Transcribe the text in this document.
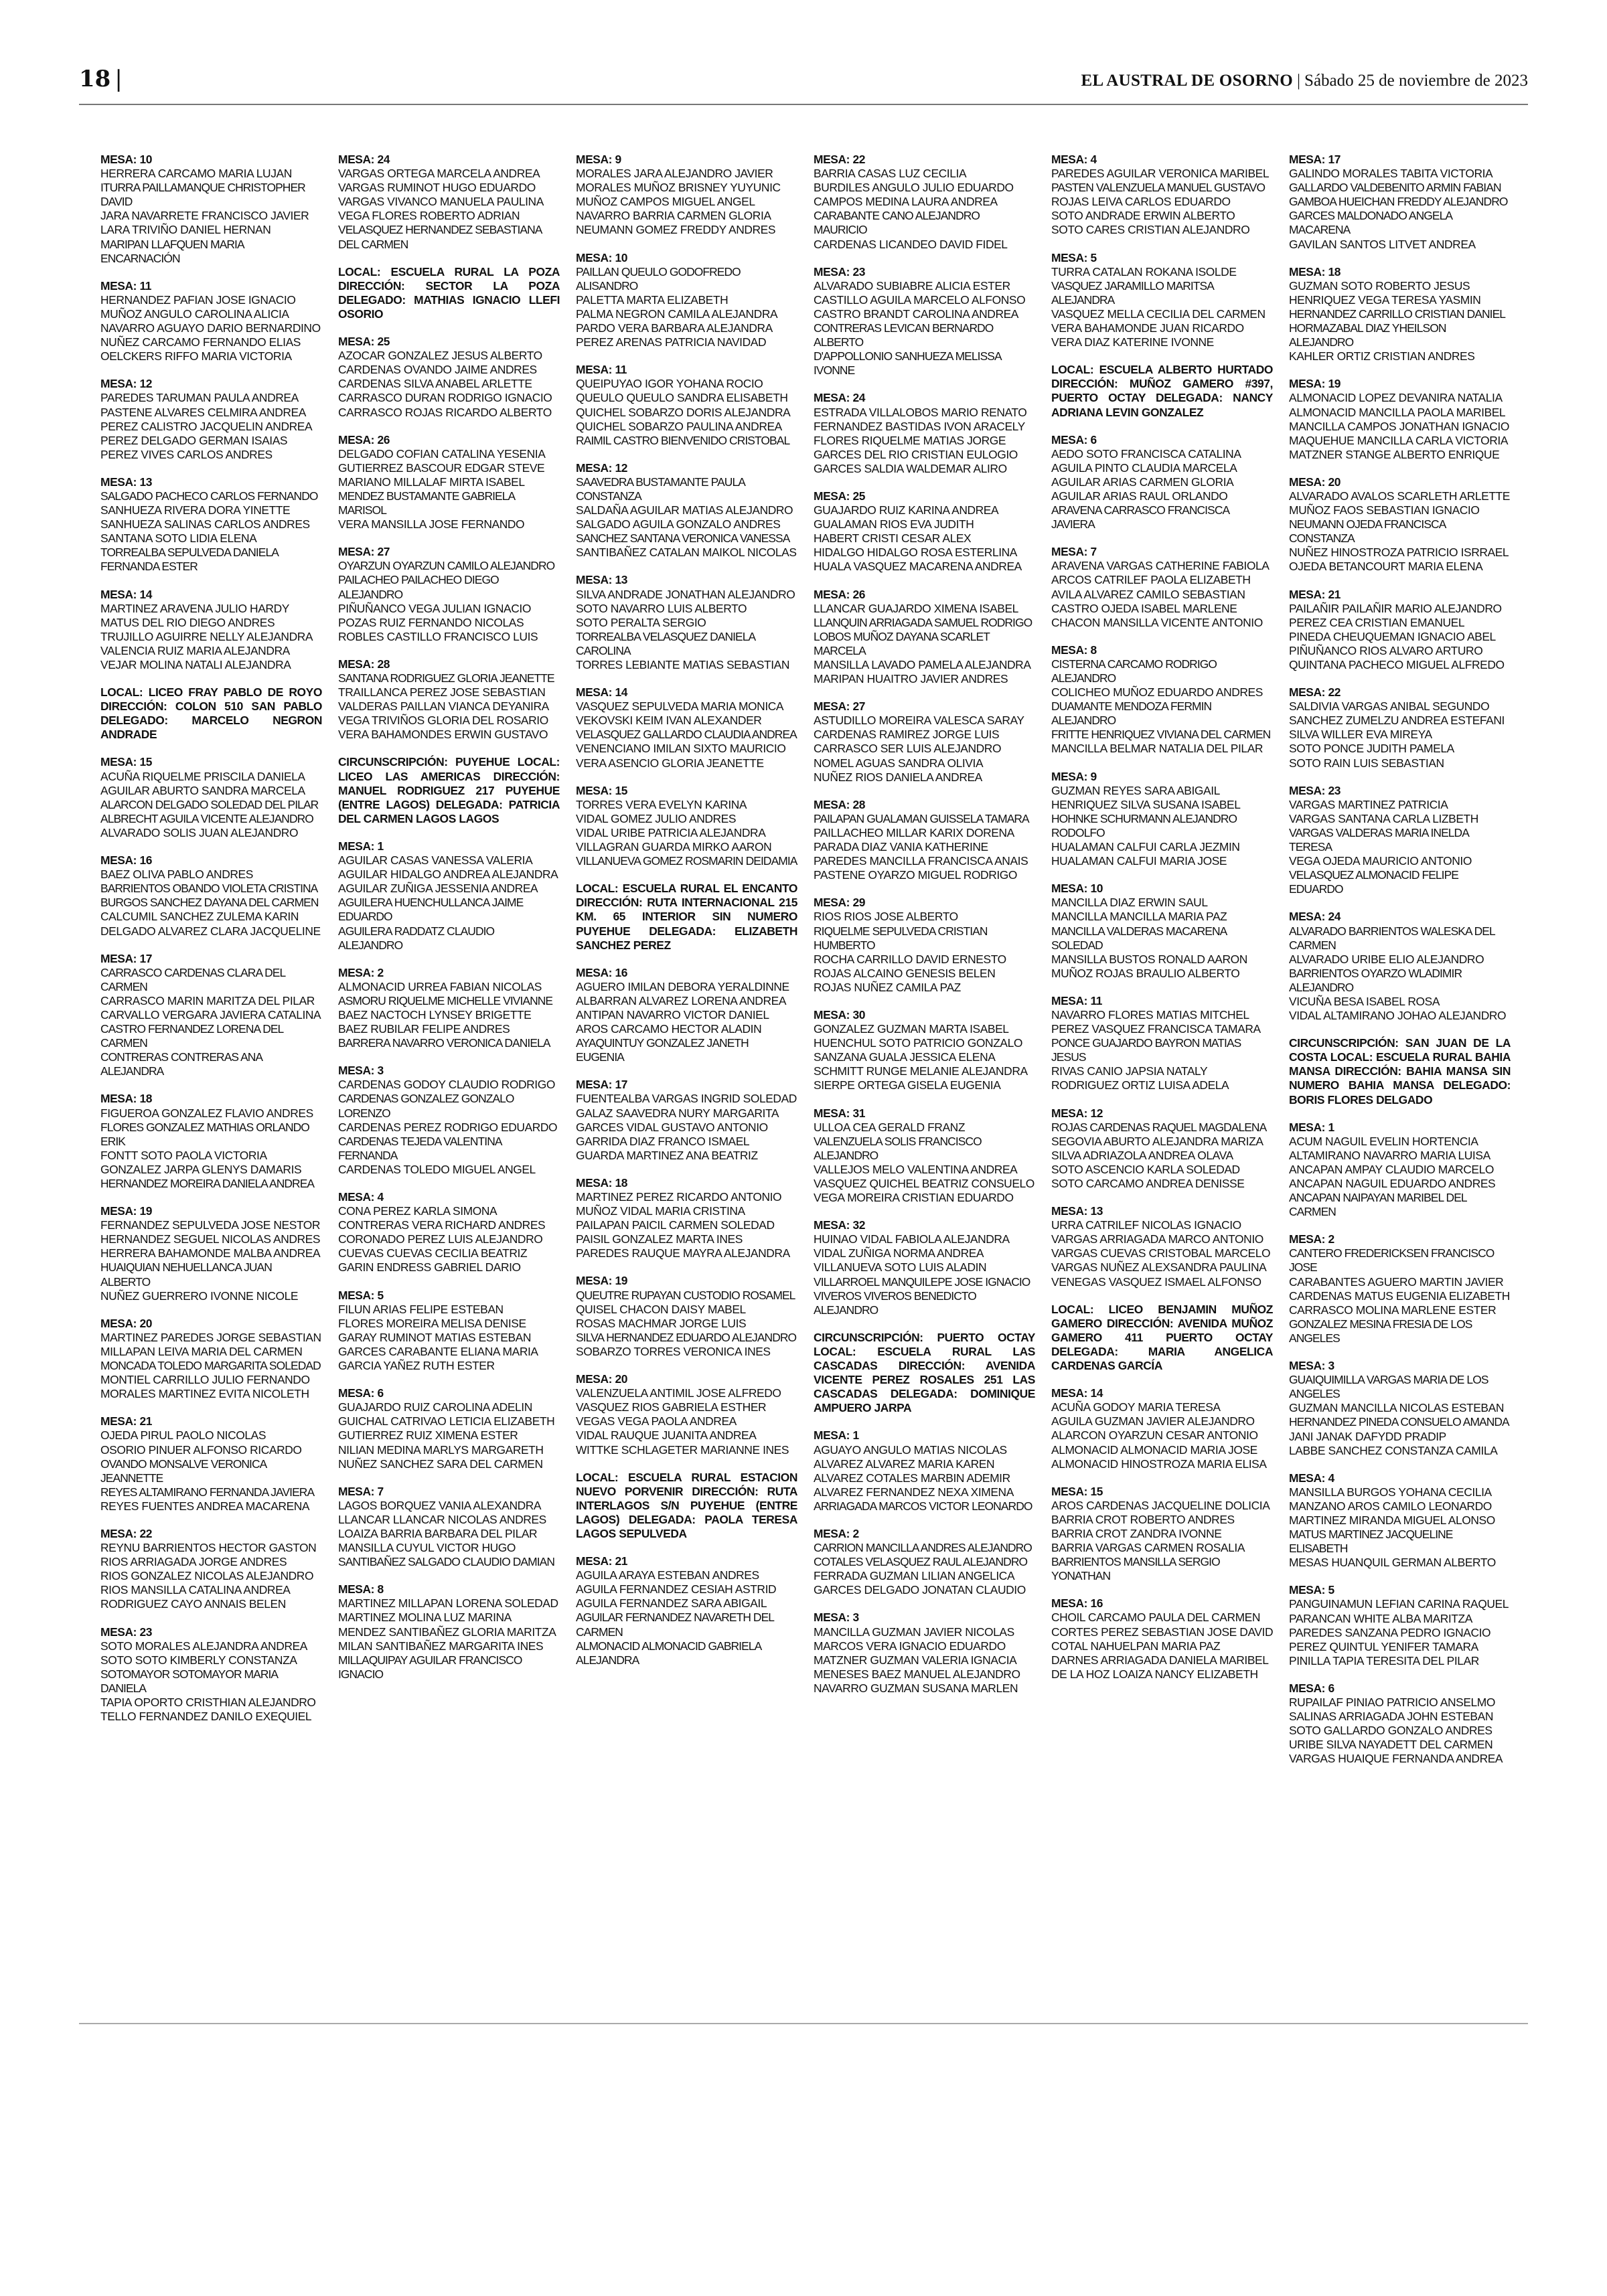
18 |	EL AUSTRAL DE OSORNO | Sábado 25 de noviembre de 2023
MESA: 10
HERRERA CARCAMO MARIA LUJAN
ITURRA PAILLAMANQUE CHRISTOPHER DAVID
JARA NAVARRETE FRANCISCO JAVIER
LARA TRIVIÑO DANIEL HERNAN
MARIPAN LLAFQUEN MARIA ENCARNACIÓN
MESA: 11
HERNANDEZ PAFIAN JOSE IGNACIO
MUÑOZ ANGULO CAROLINA ALICIA
NAVARRO AGUAYO DARIO BERNARDINO
NUÑEZ CARCAMO FERNANDO ELIAS
OELCKERS RIFFO MARIA VICTORIA
MESA: 12
PAREDES TARUMAN PAULA ANDREA
PASTENE ALVARES CELMIRA ANDREA
PEREZ CALISTRO JACQUELIN ANDREA
PEREZ DELGADO GERMAN ISAIAS
PEREZ VIVES CARLOS ANDRES
MESA: 13
SALGADO PACHECO CARLOS FERNANDO
SANHUEZA RIVERA DORA YINETTE
SANHUEZA SALINAS CARLOS ANDRES
SANTANA SOTO LIDIA ELENA
TORREALBA SEPULVEDA DANIELA FERNANDA ESTER
MESA: 14
MARTINEZ ARAVENA JULIO HARDY
MATUS DEL RIO DIEGO ANDRES
TRUJILLO AGUIRRE NELLY ALEJANDRA
VALENCIA RUIZ MARIA ALEJANDRA
VEJAR MOLINA NATALI ALEJANDRA
LOCAL: LICEO FRAY PABLO DE ROYO DIRECCIÓN: COLON 510 SAN PABLO DELEGADO: MARCELO NEGRON ANDRADE
MESA: 15
ACUÑA RIQUELME PRISCILA DANIELA
AGUILAR ABURTO SANDRA MARCELA
ALARCON DELGADO SOLEDAD DEL PILAR
ALBRECHT AGUILA VICENTE ALEJANDRO
ALVARADO SOLIS JUAN ALEJANDRO
MESA: 16
BAEZ OLIVA PABLO ANDRES
BARRIENTOS OBANDO VIOLETA CRISTINA
BURGOS SANCHEZ DAYANA DEL CARMEN
CALCUMIL SANCHEZ ZULEMA KARIN
DELGADO ALVAREZ CLARA JACQUELINE
MESA: 17
CARRASCO CARDENAS CLARA DEL CARMEN
CARRASCO MARIN MARITZA DEL PILAR
CARVALLO VERGARA JAVIERA CATALINA
CASTRO FERNANDEZ LORENA DEL CARMEN
CONTRERAS CONTRERAS ANA ALEJANDRA
MESA: 18
FIGUEROA GONZALEZ FLAVIO ANDRES
FLORES GONZALEZ MATHIAS ORLANDO ERIK
FONTT SOTO PAOLA VICTORIA
GONZALEZ JARPA GLENYS DAMARIS
HERNANDEZ MOREIRA DANIELA ANDREA
MESA: 19
FERNANDEZ SEPULVEDA JOSE NESTOR
HERNANDEZ SEGUEL NICOLAS ANDRES
HERRERA BAHAMONDE MALBA ANDREA
HUAIQUIAN NEHUELLANCA JUAN ALBERTO
NUÑEZ GUERRERO IVONNE NICOLE
MESA: 20
MARTINEZ PAREDES JORGE SEBASTIAN
MILLAPAN LEIVA MARIA DEL CARMEN
MONCADA TOLEDO MARGARITA SOLEDAD
MONTIEL CARRILLO JULIO FERNANDO
MORALES MARTINEZ EVITA NICOLETH
MESA: 21
OJEDA PIRUL PAOLO NICOLAS
OSORIO PINUER ALFONSO RICARDO
OVANDO MONSALVE VERONICA JEANNETTE
REYES ALTAMIRANO FERNANDA JAVIERA
REYES FUENTES ANDREA MACARENA
MESA: 22
REYNU BARRIENTOS HECTOR GASTON
RIOS ARRIAGADA JORGE ANDRES
RIOS GONZALEZ NICOLAS ALEJANDRO
RIOS MANSILLA CATALINA ANDREA
RODRIGUEZ CAYO ANNAIS BELEN
MESA: 23
SOTO MORALES ALEJANDRA ANDREA
SOTO SOTO KIMBERLY CONSTANZA
SOTOMAYOR SOTOMAYOR MARIA DANIELA
TAPIA OPORTO CRISTHIAN ALEJANDRO
TELLO FERNANDEZ DANILO EXEQUIEL
MESA: 24
VARGAS ORTEGA MARCELA ANDREA
VARGAS RUMINOT HUGO EDUARDO
VARGAS VIVANCO MANUELA PAULINA
VEGA FLORES ROBERTO ADRIAN
VELASQUEZ HERNANDEZ SEBASTIANA DEL CARMEN
LOCAL: ESCUELA RURAL LA POZA DIRECCIÓN: SECTOR LA POZA DELEGADO: MATHIAS IGNACIO LLEFI OSORIO
MESA: 25
AZOCAR GONZALEZ JESUS ALBERTO
CARDENAS OVANDO JAIME ANDRES
CARDENAS SILVA ANABEL ARLETTE
CARRASCO DURAN RODRIGO IGNACIO
CARRASCO ROJAS RICARDO ALBERTO
MESA: 26
DELGADO COFIAN CATALINA YESENIA
GUTIERREZ BASCOUR EDGAR STEVE
MARIANO MILLALAF MIRTA ISABEL
MENDEZ BUSTAMANTE GABRIELA MARISOL
VERA MANSILLA JOSE FERNANDO
MESA: 27
OYARZUN OYARZUN CAMILO ALEJANDRO
PAILACHEO PAILACHEO DIEGO ALEJANDRO
PIÑUÑANCO VEGA JULIAN IGNACIO
POZAS RUIZ FERNANDO NICOLAS
ROBLES CASTILLO FRANCISCO LUIS
MESA: 28
SANTANA RODRIGUEZ GLORIA JEANETTE
TRAILLANCA PEREZ JOSE SEBASTIAN
VALDERAS PAILLAN VIANCA DEYANIRA
VEGA TRIVIÑOS GLORIA DEL ROSARIO
VERA BAHAMONDES ERWIN GUSTAVO
CIRCUNSCRIPCIÓN: PUYEHUE LOCAL: LICEO LAS AMERICAS DIRECCIÓN: MANUEL RODRIGUEZ 217 PUYEHUE (ENTRE LAGOS) DELEGADA: PATRICIA DEL CARMEN LAGOS LAGOS
MESA: 1
AGUILAR CASAS VANESSA VALERIA
AGUILAR HIDALGO ANDREA ALEJANDRA
AGUILAR ZUÑIGA JESSENIA ANDREA
AGUILERA HUENCHULLANCA JAIME EDUARDO
AGUILERA RADDATZ CLAUDIO ALEJANDRO
MESA: 2
ALMONACID URREA FABIAN NICOLAS
ASMORU RIQUELME MICHELLE VIVIANNE
BAEZ NACTOCH LYNSEY BRIGETTE
BAEZ RUBILAR FELIPE ANDRES
BARRERA NAVARRO VERONICA DANIELA
MESA: 3
CARDENAS GODOY CLAUDIO RODRIGO
CARDENAS GONZALEZ GONZALO LORENZO
CARDENAS PEREZ RODRIGO EDUARDO
CARDENAS TEJEDA VALENTINA FERNANDA
CARDENAS TOLEDO MIGUEL ANGEL
MESA: 4
CONA PEREZ KARLA SIMONA
CONTRERAS VERA RICHARD ANDRES
CORONADO PEREZ LUIS ALEJANDRO
CUEVAS CUEVAS CECILIA BEATRIZ
GARIN ENDRESS GABRIEL DARIO
MESA: 5
FILUN ARIAS FELIPE ESTEBAN
FLORES MOREIRA MELISA DENISE
GARAY RUMINOT MATIAS ESTEBAN
GARCES CARABANTE ELIANA MARIA
GARCIA YAÑEZ RUTH ESTER
MESA: 6
GUAJARDO RUIZ CAROLINA ADELIN
GUICHAL CATRIVAO LETICIA ELIZABETH
GUTIERREZ RUIZ XIMENA ESTER
NILIAN MEDINA MARLYS MARGARETH
NUÑEZ SANCHEZ SARA DEL CARMEN
MESA: 7
LAGOS BORQUEZ VANIA ALEXANDRA
LLANCAR LLANCAR NICOLAS ANDRES
LOAIZA BARRIA BARBARA DEL PILAR
MANSILLA CUYUL VICTOR HUGO
SANTIBAÑEZ SALGADO CLAUDIO DAMIAN
MESA: 8
MARTINEZ MILLAPAN LORENA SOLEDAD
MARTINEZ MOLINA LUZ MARINA
MENDEZ SANTIBAÑEZ GLORIA MARITZA
MILAN SANTIBAÑEZ MARGARITA INES
MILLAQUIPAY AGUILAR FRANCISCO IGNACIO
MESA: 9
MORALES JARA ALEJANDRO JAVIER
MORALES MUÑOZ BRISNEY YUYUNIC
MUÑOZ CAMPOS MIGUEL ANGEL
NAVARRO BARRIA CARMEN GLORIA
NEUMANN GOMEZ FREDDY ANDRES
MESA: 10
PAILLAN QUEULO GODOFREDO ALISANDRO
PALETTA MARTA ELIZABETH
PALMA NEGRON CAMILA ALEJANDRA
PARDO VERA BARBARA ALEJANDRA
PEREZ ARENAS PATRICIA NAVIDAD
MESA: 11
QUEIPUYAO IGOR YOHANA ROCIO
QUEULO QUEULO SANDRA ELISABETH
QUICHEL SOBARZO DORIS ALEJANDRA
QUICHEL SOBARZO PAULINA ANDREA
RAIMIL CASTRO BIENVENIDO CRISTOBAL
MESA: 12
SAAVEDRA BUSTAMANTE PAULA CONSTANZA
SALDAÑA AGUILAR MATIAS ALEJANDRO
SALGADO AGUILA GONZALO ANDRES
SANCHEZ SANTANA VERONICA VANESSA
SANTIBAÑEZ CATALAN MAIKOL NICOLAS
MESA: 13
SILVA ANDRADE JONATHAN ALEJANDRO
SOTO NAVARRO LUIS ALBERTO
SOTO PERALTA SERGIO
TORREALBA VELASQUEZ DANIELA CAROLINA
TORRES LEBIANTE MATIAS SEBASTIAN
MESA: 14
VASQUEZ SEPULVEDA MARIA MONICA
VEKOVSKI KEIM IVAN ALEXANDER
VELASQUEZ GALLARDO CLAUDIA ANDREA
VENENCIANO IMILAN SIXTO MAURICIO
VERA ASENCIO GLORIA JEANETTE
MESA: 15
TORRES VERA EVELYN KARINA
VIDAL GOMEZ JULIO ANDRES
VIDAL URIBE PATRICIA ALEJANDRA
VILLAGRAN GUARDA MIRKO AARON
VILLANUEVA GOMEZ ROSMARIN DEIDAMIA
LOCAL: ESCUELA RURAL EL ENCANTO DIRECCIÓN: RUTA INTERNACIONAL 215 KM. 65 INTERIOR SIN NUMERO PUYEHUE DELEGADA: ELIZABETH SANCHEZ PEREZ
MESA: 16
AGUERO IMILAN DEBORA YERALDINNE
ALBARRAN ALVAREZ LORENA ANDREA
ANTIPAN NAVARRO VICTOR DANIEL
AROS CARCAMO HECTOR ALADIN
AYAQUINTUY GONZALEZ JANETH EUGENIA
MESA: 17
FUENTEALBA VARGAS INGRID SOLEDAD
GALAZ SAAVEDRA NURY MARGARITA
GARCES VIDAL GUSTAVO ANTONIO
GARRIDA DIAZ FRANCO ISMAEL
GUARDA MARTINEZ ANA BEATRIZ
MESA: 18
MARTINEZ PEREZ RICARDO ANTONIO
MUÑOZ VIDAL MARIA CRISTINA
PAILAPAN PAICIL CARMEN SOLEDAD
PAISIL GONZALEZ MARTA INES
PAREDES RAUQUE MAYRA ALEJANDRA
MESA: 19
QUEUTRE RUPAYAN CUSTODIO ROSAMEL
QUISEL CHACON DAISY MABEL
ROSAS MACHMAR JORGE LUIS
SILVA HERNANDEZ EDUARDO ALEJANDRO
SOBARZO TORRES VERONICA INES
MESA: 20
VALENZUELA ANTIMIL JOSE ALFREDO
VASQUEZ RIOS GABRIELA ESTHER
VEGAS VEGA PAOLA ANDREA
VIDAL RAUQUE JUANITA ANDREA
WITTKE SCHLAGETER MARIANNE INES
LOCAL: ESCUELA RURAL ESTACION NUEVO PORVENIR DIRECCIÓN: RUTA INTERLAGOS S/N PUYEHUE (ENTRE LAGOS) DELEGADA: PAOLA TERESA LAGOS SEPULVEDA
MESA: 21
AGUILA ARAYA ESTEBAN ANDRES
AGUILA FERNANDEZ CESIAH ASTRID
AGUILA FERNANDEZ SARA ABIGAIL
AGUILAR FERNANDEZ NAVARETH DEL CARMEN
ALMONACID ALMONACID GABRIELA ALEJANDRA
MESA: 22
BARRIA CASAS LUZ CECILIA
BURDILES ANGULO JULIO EDUARDO
CAMPOS MEDINA LAURA ANDREA
CARABANTE CANO ALEJANDRO MAURICIO
CARDENAS LICANDEO DAVID FIDEL
MESA: 23
ALVARADO SUBIABRE ALICIA ESTER
CASTILLO AGUILA MARCELO ALFONSO
CASTRO BRANDT CAROLINA ANDREA
CONTRERAS LEVICAN BERNARDO ALBERTO
D'APPOLLONIO SANHUEZA MELISSA IVONNE
MESA: 24
ESTRADA VILLALOBOS MARIO RENATO
FERNANDEZ BASTIDAS IVON ARACELY
FLORES RIQUELME MATIAS JORGE
GARCES DEL RIO CRISTIAN EULOGIO
GARCES SALDIA WALDEMAR ALIRO
MESA: 25
GUAJARDO RUIZ KARINA ANDREA
GUALAMAN RIOS EVA JUDITH
HABERT CRISTI CESAR ALEX
HIDALGO HIDALGO ROSA ESTERLINA
HUALA VASQUEZ MACARENA ANDREA
MESA: 26
LLANCAR GUAJARDO XIMENA ISABEL
LLANQUIN ARRIAGADA SAMUEL RODRIGO
LOBOS MUÑOZ DAYANA SCARLET MARCELA
MANSILLA LAVADO PAMELA ALEJANDRA
MARIPAN HUAITRO JAVIER ANDRES
MESA: 27
ASTUDILLO MOREIRA VALESCA SARAY
CARDENAS RAMIREZ JORGE LUIS
CARRASCO SER LUIS ALEJANDRO
NOMEL AGUAS SANDRA OLIVIA
NUÑEZ RIOS DANIELA ANDREA
MESA: 28
PAILAPAN GUALAMAN GUISSELA TAMARA
PAILLACHEO MILLAR KARIX DORENA
PARADA DIAZ VANIA KATHERINE
PAREDES MANCILLA FRANCISCA ANAIS
PASTENE OYARZO MIGUEL RODRIGO
MESA: 29
RIOS RIOS JOSE ALBERTO
RIQUELME SEPULVEDA CRISTIAN HUMBERTO
ROCHA CARRILLO DAVID ERNESTO
ROJAS ALCAINO GENESIS BELEN
ROJAS NUÑEZ CAMILA PAZ
MESA: 30
GONZALEZ GUZMAN MARTA ISABEL
HUENCHUL SOTO PATRICIO GONZALO
SANZANA GUALA JESSICA ELENA
SCHMITT RUNGE MELANIE ALEJANDRA
SIERPE ORTEGA GISELA EUGENIA
MESA: 31
ULLOA CEA GERALD FRANZ
VALENZUELA SOLIS FRANCISCO ALEJANDRO
VALLEJOS MELO VALENTINA ANDREA
VASQUEZ QUICHEL BEATRIZ CONSUELO
VEGA MOREIRA CRISTIAN EDUARDO
MESA: 32
HUINAO VIDAL FABIOLA ALEJANDRA
VIDAL ZUÑIGA NORMA ANDREA
VILLANUEVA SOTO LUIS ALADIN
VILLARROEL MANQUILEPE JOSE IGNACIO
VIVEROS VIVEROS BENEDICTO ALEJANDRO
CIRCUNSCRIPCIÓN: PUERTO OCTAY LOCAL: ESCUELA RURAL LAS CASCADAS DIRECCIÓN: AVENIDA VICENTE PEREZ ROSALES 251 LAS CASCADAS DELEGADA: DOMINIQUE AMPUERO JARPA
MESA: 1
AGUAYO ANGULO MATIAS NICOLAS
ALVAREZ ALVAREZ MARIA KAREN
ALVAREZ COTALES MARBIN ADEMIR
ALVAREZ FERNANDEZ NEXA XIMENA
ARRIAGADA MARCOS VICTOR LEONARDO
MESA: 2
CARRION MANCILLA ANDRES ALEJANDRO
COTALES VELASQUEZ RAUL ALEJANDRO
FERRADA GUZMAN LILIAN ANGELICA
GARCES DELGADO JONATAN CLAUDIO
MESA: 3
MANCILLA GUZMAN JAVIER NICOLAS
MARCOS VERA IGNACIO EDUARDO
MATZNER GUZMAN VALERIA IGNACIA
MENESES BAEZ MANUEL ALEJANDRO
NAVARRO GUZMAN SUSANA MARLEN
MESA: 4
PAREDES AGUILAR VERONICA MARIBEL
PASTEN VALENZUELA MANUEL GUSTAVO
ROJAS LEIVA CARLOS EDUARDO
SOTO ANDRADE ERWIN ALBERTO
SOTO CARES CRISTIAN ALEJANDRO
MESA: 5
TURRA CATALAN ROKANA ISOLDE
VASQUEZ JARAMILLO MARITSA ALEJANDRA
VASQUEZ MELLA CECILIA DEL CARMEN
VERA BAHAMONDE JUAN RICARDO
VERA DIAZ KATERINE IVONNE
LOCAL: ESCUELA ALBERTO HURTADO DIRECCIÓN: MUÑOZ GAMERO #397, PUERTO OCTAY DELEGADA: NANCY ADRIANA LEVIN GONZALEZ
MESA: 6
AEDO SOTO FRANCISCA CATALINA
AGUILA PINTO CLAUDIA MARCELA
AGUILAR ARIAS CARMEN GLORIA
AGUILAR ARIAS RAUL ORLANDO
ARAVENA CARRASCO FRANCISCA JAVIERA
MESA: 7
ARAVENA VARGAS CATHERINE FABIOLA
ARCOS CATRILEF PAOLA ELIZABETH
AVILA ALVAREZ CAMILO SEBASTIAN
CASTRO OJEDA ISABEL MARLENE
CHACON MANSILLA VICENTE ANTONIO
MESA: 8
CISTERNA CARCAMO RODRIGO ALEJANDRO
COLICHEO MUÑOZ EDUARDO ANDRES
DUAMANTE MENDOZA FERMIN ALEJANDRO
FRITTE HENRIQUEZ VIVIANA DEL CARMEN
MANCILLA BELMAR NATALIA DEL PILAR
MESA: 9
GUZMAN REYES SARA ABIGAIL
HENRIQUEZ SILVA SUSANA ISABEL
HOHNKE SCHURMANN ALEJANDRO RODOLFO
HUALAMAN CALFUI CARLA JEZMIN
HUALAMAN CALFUI MARIA JOSE
MESA: 10
MANCILLA DIAZ ERWIN SAUL
MANCILLA MANCILLA MARIA PAZ
MANCILLA VALDERAS MACARENA SOLEDAD
MANSILLA BUSTOS RONALD AARON
MUÑOZ ROJAS BRAULIO ALBERTO
MESA: 11
NAVARRO FLORES MATIAS MITCHEL
PEREZ VASQUEZ FRANCISCA TAMARA
PONCE GUAJARDO BAYRON MATIAS JESUS
RIVAS CANIO JAPSIA NATALY
RODRIGUEZ ORTIZ LUISA ADELA
MESA: 12
ROJAS CARDENAS RAQUEL MAGDALENA
SEGOVIA ABURTO ALEJANDRA MARIZA
SILVA ADRIAZOLA ANDREA OLAVA
SOTO ASCENCIO KARLA SOLEDAD
SOTO CARCAMO ANDREA DENISSE
MESA: 13
URRA CATRILEF NICOLAS IGNACIO
VARGAS ARRIAGADA MARCO ANTONIO
VARGAS CUEVAS CRISTOBAL MARCELO
VARGAS NUÑEZ ALEXSANDRA PAULINA
VENEGAS VASQUEZ ISMAEL ALFONSO
LOCAL: LICEO BENJAMIN MUÑOZ GAMERO DIRECCIÓN: AVENIDA MUÑOZ GAMERO 411 PUERTO OCTAY DELEGADA: MARIA ANGELICA CARDENAS GARCÍA
MESA: 14
ACUÑA GODOY MARIA TERESA
AGUILA GUZMAN JAVIER ALEJANDRO
ALARCON OYARZUN CESAR ANTONIO
ALMONACID ALMONACID MARIA JOSE
ALMONACID HINOSTROZA MARIA ELISA
MESA: 15
AROS CARDENAS JACQUELINE DOLICIA
BARRIA CROT ROBERTO ANDRES
BARRIA CROT ZANDRA IVONNE
BARRIA VARGAS CARMEN ROSALIA
BARRIENTOS MANSILLA SERGIO YONATHAN
MESA: 16
CHOIL CARCAMO PAULA DEL CARMEN
CORTES PEREZ SEBASTIAN JOSE DAVID
COTAL NAHUELPAN MARIA PAZ
DARNES ARRIAGADA DANIELA MARIBEL
DE LA HOZ LOAIZA NANCY ELIZABETH
MESA: 17
GALINDO MORALES TABITA VICTORIA
GALLARDO VALDEBENITO ARMIN FABIAN
GAMBOA HUEICHAN FREDDY ALEJANDRO
GARCES MALDONADO ANGELA MACARENA
GAVILAN SANTOS LITVET ANDREA
MESA: 18
GUZMAN SOTO ROBERTO JESUS
HENRIQUEZ VEGA TERESA YASMIN
HERNANDEZ CARRILLO CRISTIAN DANIEL
HORMAZABAL DIAZ YHEILSON ALEJANDRO
KAHLER ORTIZ CRISTIAN ANDRES
MESA: 19
ALMONACID LOPEZ DEVANIRA NATALIA
ALMONACID MANCILLA PAOLA MARIBEL
MANCILLA CAMPOS JONATHAN IGNACIO
MAQUEHUE MANCILLA CARLA VICTORIA
MATZNER STANGE ALBERTO ENRIQUE
MESA: 20
ALVARADO AVALOS SCARLETH ARLETTE
MUÑOZ FAOS SEBASTIAN IGNACIO
NEUMANN OJEDA FRANCISCA CONSTANZA
NUÑEZ HINOSTROZA PATRICIO ISRRAEL
OJEDA BETANCOURT MARIA ELENA
MESA: 21
PAILAÑIR PAILAÑIR MARIO ALEJANDRO
PEREZ CEA CRISTIAN EMANUEL
PINEDA CHEUQUEMAN IGNACIO ABEL
PIÑUÑANCO RIOS ALVARO ARTURO
QUINTANA PACHECO MIGUEL ALFREDO
MESA: 22
SALDIVIA VARGAS ANIBAL SEGUNDO
SANCHEZ ZUMELZU ANDREA ESTEFANI
SILVA WILLER EVA MIREYA
SOTO PONCE JUDITH PAMELA
SOTO RAIN LUIS SEBASTIAN
MESA: 23
VARGAS MARTINEZ PATRICIA
VARGAS SANTANA CARLA LIZBETH
VARGAS VALDERAS MARIA INELDA TERESA
VEGA OJEDA MAURICIO ANTONIO
VELASQUEZ ALMONACID FELIPE EDUARDO
MESA: 24
ALVARADO BARRIENTOS WALESKA DEL CARMEN
ALVARADO URIBE ELIO ALEJANDRO
BARRIENTOS OYARZO WLADIMIR ALEJANDRO
VICUÑA BESA ISABEL ROSA
VIDAL ALTAMIRANO JOHAO ALEJANDRO
CIRCUNSCRIPCIÓN: SAN JUAN DE LA COSTA LOCAL: ESCUELA RURAL BAHIA MANSA DIRECCIÓN: BAHIA MANSA SIN NUMERO BAHIA MANSA DELEGADO: BORIS FLORES DELGADO
MESA: 1
ACUM NAGUIL EVELIN HORTENCIA
ALTAMIRANO NAVARRO MARIA LUISA
ANCAPAN AMPAY CLAUDIO MARCELO
ANCAPAN NAGUIL EDUARDO ANDRES
ANCAPAN NAIPAYAN MARIBEL DEL CARMEN
MESA: 2
CANTERO FREDERICKSEN FRANCISCO JOSE
CARABANTES AGUERO MARTIN JAVIER
CARDENAS MATUS EUGENIA ELIZABETH
CARRASCO MOLINA MARLENE ESTER
GONZALEZ MESINA FRESIA DE LOS ANGELES
MESA: 3
GUAIQUIMILLA VARGAS MARIA DE LOS ANGELES
GUZMAN MANCILLA NICOLAS ESTEBAN
HERNANDEZ PINEDA CONSUELO AMANDA
JANI JANAK DAFYDD PRADIP
LABBE SANCHEZ CONSTANZA CAMILA
MESA: 4
MANSILLA BURGOS YOHANA CECILIA
MANZANO AROS CAMILO LEONARDO
MARTINEZ MIRANDA MIGUEL ALONSO
MATUS MARTINEZ JACQUELINE ELISABETH
MESAS HUANQUIL GERMAN ALBERTO
MESA: 5
PANGUINAMUN LEFIAN CARINA RAQUEL
PARANCAN WHITE ALBA MARITZA
PAREDES SANZANA PEDRO IGNACIO
PEREZ QUINTUL YENIFER TAMARA
PINILLA TAPIA TERESITA DEL PILAR
MESA: 6
RUPAILAF PINIAO PATRICIO ANSELMO
SALINAS ARRIAGADA JOHN ESTEBAN
SOTO GALLARDO GONZALO ANDRES
URIBE SILVA NAYADETT DEL CARMEN
VARGAS HUAIQUE FERNANDA ANDREA
